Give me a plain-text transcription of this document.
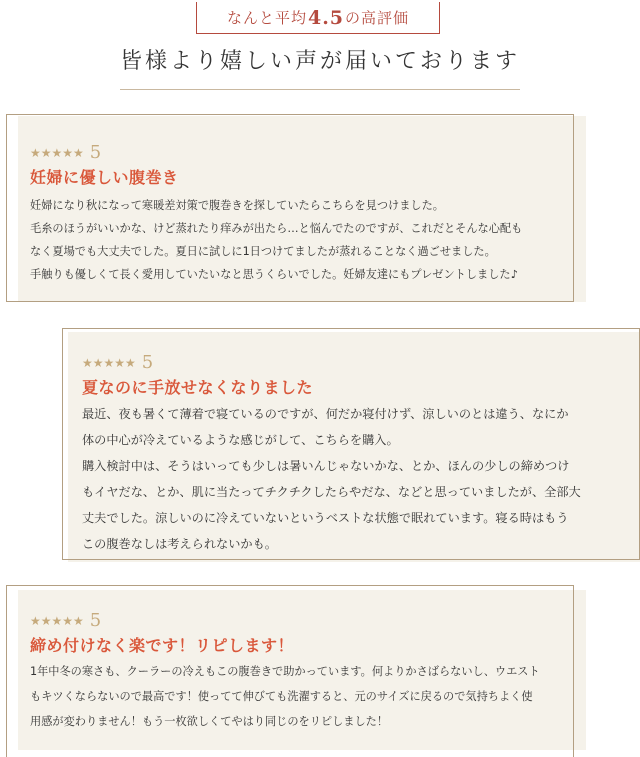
なんと平均 4.5 の高評価
皆様より嬉しい声が届いております
★★★★★ 5
妊婦に優しい腹巻き
妊婦になり秋になって寒暖差対策で腹巻きを探していたらこちらを見つけました。
毛糸のほうがいいかな、けど蒸れたり痒みが出たら…と悩んでたのですが、これだとそんな心配も
なく夏場でも大丈夫でした。夏日に試しに1日つけてましたが蒸れることなく過ごせました。
手触りも優しくて長く愛用していたいなと思うくらいでした。妊婦友達にもプレゼントしました♪
★★★★★ 5
夏なのに手放せなくなりました
最近、夜も暑くて薄着で寝ているのですが、何だか寝付けず、涼しいのとは違う、なにか
体の中心が冷えているような感じがして、こちらを購入。
購入検討中は、そうはいっても少しは暑いんじゃないかな、とか、ほんの少しの締めつけ
もイヤだな、とか、肌に当たってチクチクしたらやだな、などと思っていましたが、全部大
丈夫でした。涼しいのに冷えていないというベストな状態で眠れています。寝る時はもう
この腹巻なしは考えられないかも。
★★★★★ 5
締め付けなく楽です！リピします！
1年中冬の寒さも、クーラーの冷えもこの腹巻きで助かっています。何よりかさばらないし、ウエスト
もキツくならないので最高です！使ってて伸びても洗濯すると、元のサイズに戻るので気持ちよく使
用感が変わりません！もう一枚欲しくてやはり同じのをリピしました！
